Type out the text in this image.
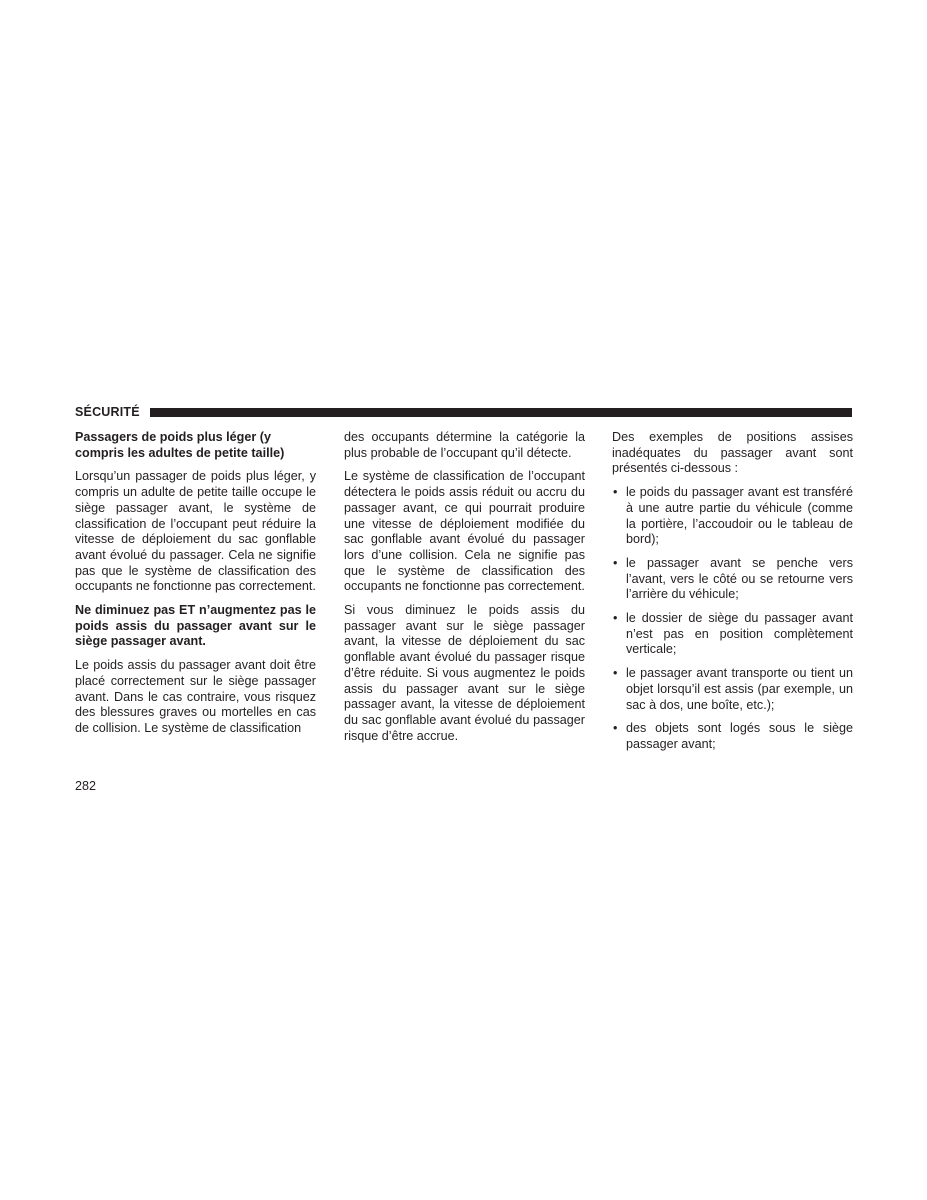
SÉCURITÉ

Passagers de poids plus léger (y compris les adultes de petite taille)

Lorsqu’un passager de poids plus léger, y compris un adulte de petite taille occupe le siège passager avant, le système de classification de l’occupant peut réduire la vitesse de déploiement du sac gonflable avant évolué du passager. Cela ne signifie pas que le système de classification des occupants ne fonctionne pas correctement.

Ne diminuez pas ET n’augmentez pas le poids assis du passager avant sur le siège passager avant.

Le poids assis du passager avant doit être placé correctement sur le siège passager avant. Dans le cas contraire, vous risquez des blessures graves ou mortelles en cas de collision. Le système de classification

des occupants détermine la catégorie la plus probable de l’occupant qu’il détecte.

Le système de classification de l’occupant détectera le poids assis réduit ou accru du passager avant, ce qui pourrait produire une vitesse de déploiement modifiée du sac gonflable avant évolué du passager lors d’une collision. Cela ne signifie pas que le système de classification des occupants ne fonctionne pas correctement.

Si vous diminuez le poids assis du passager avant sur le siège passager avant, la vitesse de déploiement du sac gonflable avant évolué du passager risque d’être réduite. Si vous augmentez le poids assis du passager avant sur le siège passager avant, la vitesse de déploiement du sac gonflable avant évolué du passager risque d’être accrue.

Des exemples de positions assises inadéquates du passager avant sont présentés ci-dessous :

• le poids du passager avant est transféré à une autre partie du véhicule (comme la portière, l’accoudoir ou le tableau de bord);
• le passager avant se penche vers l’avant, vers le côté ou se retourne vers l’arrière du véhicule;
• le dossier de siège du passager avant n’est pas en position complètement verticale;
• le passager avant transporte ou tient un objet lorsqu’il est assis (par exemple, un sac à dos, une boîte, etc.);
• des objets sont logés sous le siège passager avant;
282
